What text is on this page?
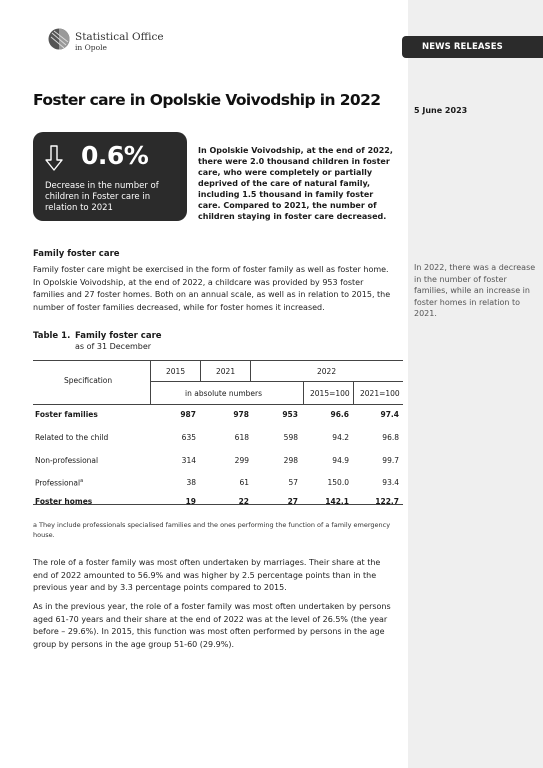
NEWS RELEASES
5 June 2023
In 2022, there was a decrease in the number of foster families, while an increase in foster homes in relation to 2021.
Statistical Office
in Opole
Foster care in Opolskie Voivodship in 2022
0.6%
Decrease in the number of children in Foster care in relation to 2021
In Opolskie Voivodship, at the end of 2022, there were 2.0 thousand children in foster care, who were completely or partially deprived of the care of natural family, including 1.5 thousand in family foster care. Compared to 2021, the number of children staying in foster care decreased.
Family foster care
Family foster care might be exercised in the form of foster family as well as foster home. In Opolskie Voivodship, at the end of 2022, a childcare was provided by 953 foster families and 27 foster homes. Both on an annual scale, as well as in relation to 2015, the number of foster families decreased, while for foster homes it increased.
Table 1. Family foster care
as of 31 December
Specification
2015	2021	2022
in absolute numbers	2015=100 2021=100
Foster families	987	978	953	96.6	97.4
Related to the child	635	618	598	94.2	96.8
Non-professional	314	299	298	94.9	99.7
Professional$^a$	38	61	57	150.0	93.4
Foster homes	19	22	27	142.1	122.7
a They include professionals specialised families and the ones performing the function of a family emergency house.
The role of a foster family was most often undertaken by marriages. Their share at the end of 2022 amounted to 56.9% and was higher by 2.5 percentage points than in the previous year and by 3.3 percentage points compared to 2015.
As in the previous year, the role of a foster family was most often undertaken by persons aged 61-70 years and their share at the end of 2022 was at the level of 26.5% (the year before – 29.6%). In 2015, this function was most often performed by persons in the age group by persons in the age group 51-60 (29.9%).
